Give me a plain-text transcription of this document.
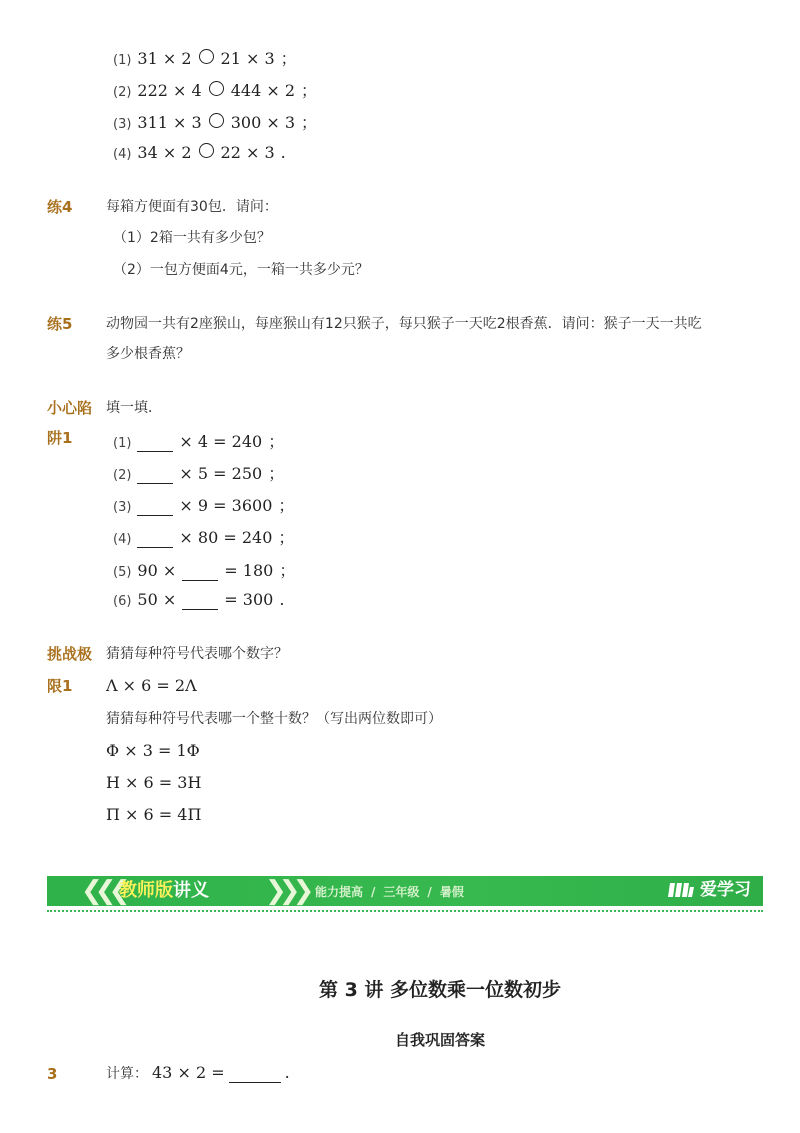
(1) 31 × 2 21 × 3 ；
(2) 222 × 4 444 × 2 ；
(3) 311 × 3 300 × 3 ；
(4) 34 × 2 22 × 3 .
练4 每箱方便面有30包．请问：
（1）2箱一共有多少包？
（2）一包方便面4元，一箱一共多少元？
练5 动物园一共有2座猴山，每座猴山有12只猴子，每只猴子一天吃2根香蕉．请问：猴子一天一共吃
多少根香蕉？
小心陷
阱1
填一填．
(1)
	× 4 = 240 ；
(2)
	× 5 = 250 ；
(3)
	× 9 = 3600 ；
(4)
	× 80 = 240 ；
(5) 90 ×
	= 180 ；
(6) 50 ×
	= 300 .
挑战极
限1
猜猜每种符号代表哪个数字？
Λ × 6 = 2Λ
猜猜每种符号代表哪一个整十数？（写出两位数即可）
Φ × 3 = 1Φ
H × 6 = 3H
Π × 6 = 4Π
❮❮❮
教师版讲义 ❯❯❯ 能力提高 / 三年级 / 暑假	爱学习
第 3 讲 多位数乘一位数初步
自我巩固答案
3	计算： 43 × 2 =
	.
